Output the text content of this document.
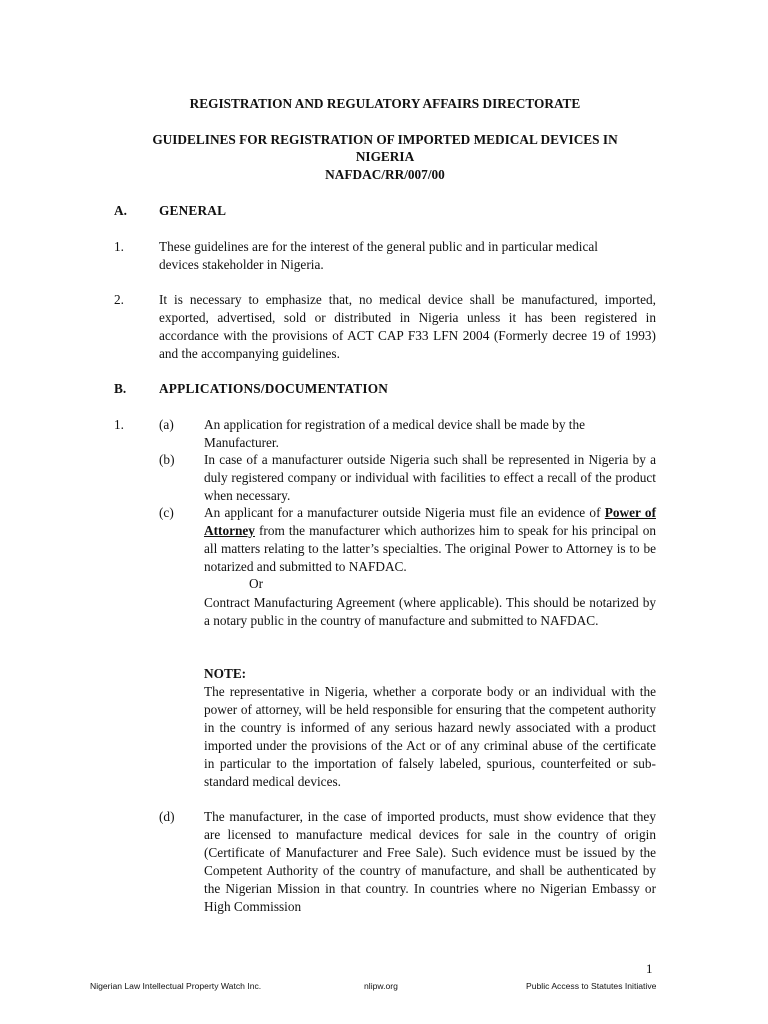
REGISTRATION AND REGULATORY AFFAIRS DIRECTORATE
GUIDELINES FOR REGISTRATION OF IMPORTED MEDICAL DEVICES IN
NIGERIA
NAFDAC/RR/007/00
A. GENERAL
1.	These guidelines are for the interest of the general public and in particular medical devices stakeholder in Nigeria.
2.	It is necessary to emphasize that, no medical device shall be manufactured, imported, exported, advertised, sold or distributed in Nigeria unless it has been registered in accordance with the provisions of ACT CAP F33 LFN 2004 (Formerly decree 19 of 1993) and the accompanying guidelines.
B. APPLICATIONS/DOCUMENTATION
1.	(a) An application for registration of a medical device shall be made by the Manufacturer.
(b) In case of a manufacturer outside Nigeria such shall be represented in Nigeria by a duly registered company or individual with facilities to effect a recall of the product when necessary.
(c) An applicant for a manufacturer outside Nigeria must file an evidence of Power of Attorney from the manufacturer which authorizes him to speak for his principal on all matters relating to the latter’s specialties. The original Power to Attorney is to be notarized and submitted to NAFDAC.
Or
Contract Manufacturing Agreement (where applicable). This should be notarized by a notary public in the country of manufacture and submitted to NAFDAC.
NOTE:
The representative in Nigeria, whether a corporate body or an individual with the power of attorney, will be held responsible for ensuring that the competent authority in the country is informed of any serious hazard newly associated with a product imported under the provisions of the Act or of any criminal abuse of the certificate in particular to the importation of falsely labeled, spurious, counterfeited or sub-standard medical devices.
(d) The manufacturer, in the case of imported products, must show evidence that they are licensed to manufacture medical devices for sale in the country of origin (Certificate of Manufacturer and Free Sale). Such evidence must be issued by the Competent Authority of the country of manufacture, and shall be authenticated by the Nigerian Mission in that country. In countries where no Nigerian Embassy or High Commission
1
Nigerian Law Intellectual Property Watch Inc.	nlipw.org	Public Access to Statutes Initiative
